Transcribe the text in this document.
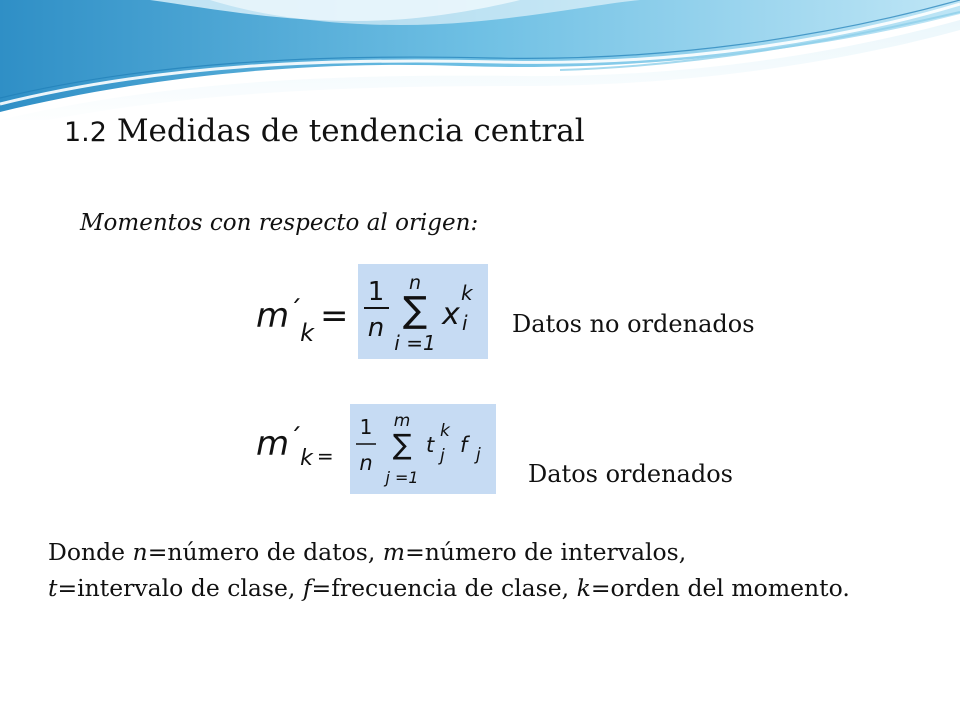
1.2 Medidas de tendencia central
Momentos con respecto al origen:
$m^´_k$ =
1
n
n
∑
i =1
x
k
i Datos no ordenados
$m^´_k$ $_=$
1
n
m
∑
j =1
t
k
j f j
Datos ordenados
Donde n=número de datos, m=número de intervalos,
t=intervalo de clase, f=frecuencia de clase, k=orden del momento.
